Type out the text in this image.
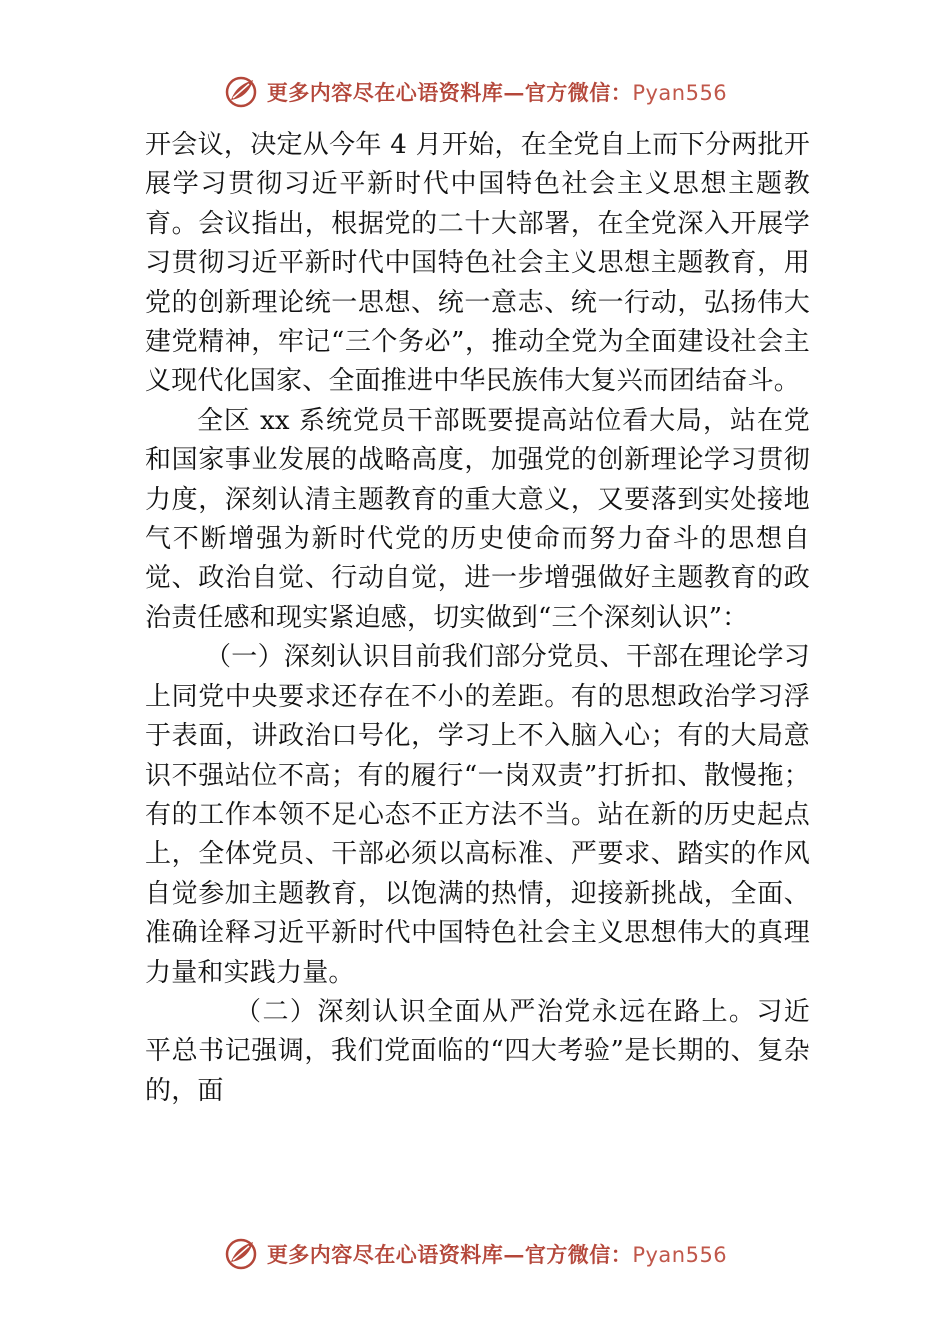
更多内容尽在心语资料库—官方微信：Pyan556

开会议，决定从今年 4 月开始，在全党自上而下分两批开展学习贯彻习近平新时代中国特色社会主义思想主题教育。会议指出，根据党的二十大部署，在全党深入开展学习贯彻习近平新时代中国特色社会主义思想主题教育，用党的创新理论统一思想、统一意志、统一行动，弘扬伟大建党精神，牢记“三个务必”，推动全党为全面建设社会主义现代化国家、全面推进中华民族伟大复兴而团结奋斗。

全区 xx 系统党员干部既要提高站位看大局，站在党和国家事业发展的战略高度，加强党的创新理论学习贯彻力度，深刻认清主题教育的重大意义，又要落到实处接地气不断增强为新时代党的历史使命而努力奋斗的思想自觉、政治自觉、行动自觉，进一步增强做好主题教育的政治责任感和现实紧迫感，切实做到“三个深刻认识”：

（一）深刻认识目前我们部分党员、干部在理论学习上同党中央要求还存在不小的差距。有的思想政治学习浮于表面，讲政治口号化，学习上不入脑入心；有的大局意识不强站位不高；有的履行“一岗双责”打折扣、散慢拖；有的工作本领不足心态不正方法不当。站在新的历史起点上，全体党员、干部必须以高标准、严要求、踏实的作风自觉参加主题教育，以饱满的热情，迎接新挑战，全面、准确诠释习近平新时代中国特色社会主义思想伟大的真理力量和实践力量。

（二）深刻认识全面从严治党永远在路上。习近平总书记强调，我们党面临的“四大考验”是长期的、复杂的，面

更多内容尽在心语资料库—官方微信：Pyan556
